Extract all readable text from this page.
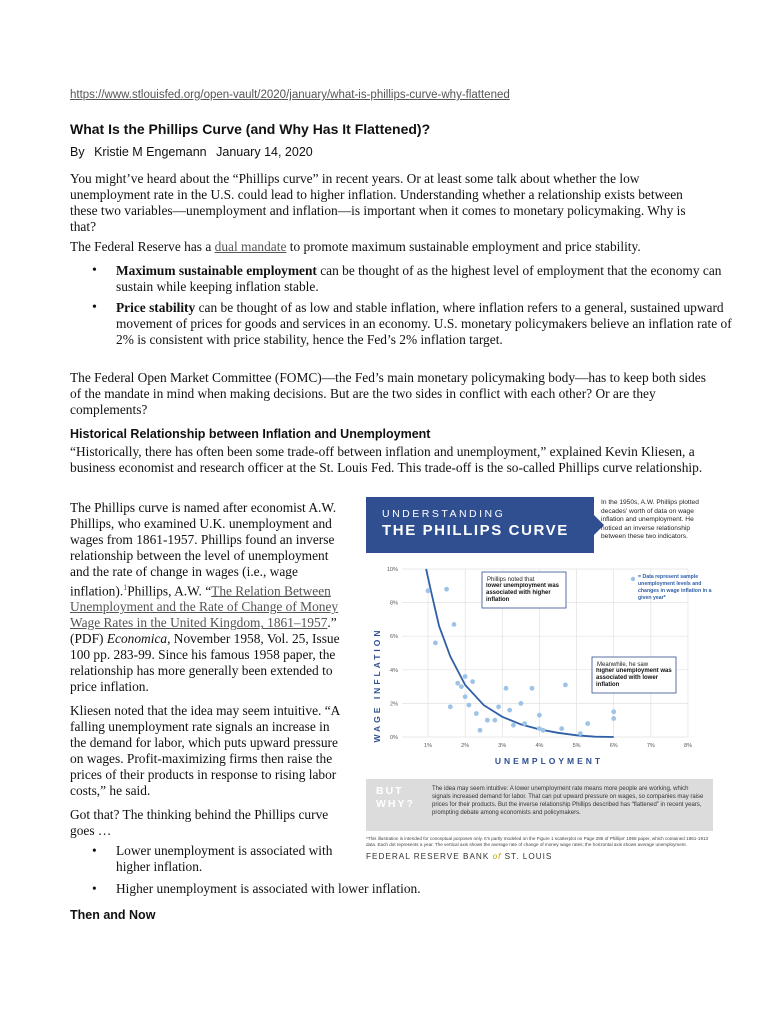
https://www.stlouisfed.org/open-vault/2020/january/what-is-phillips-curve-why-flattened
What Is the Phillips Curve (and Why Has It Flattened)?
By Kristie M Engemann January 14, 2020

You might’ve heard about the “Phillips curve” in recent years. Or at least some talk about whether the low unemployment rate in the U.S. could lead to higher inflation. Understanding whether a relationship exists between these two variables—unemployment and inflation—is important when it comes to monetary policymaking. Why is that?

The Federal Reserve has a dual mandate to promote maximum sustainable employment and price stability.

• Maximum sustainable employment can be thought of as the highest level of employment that the economy can sustain while keeping inflation stable.
• Price stability can be thought of as low and stable inflation, where inflation refers to a general, sustained upward movement of prices for goods and services in an economy. U.S. monetary policymakers believe an inflation rate of 2% is consistent with price stability, hence the Fed’s 2% inflation target.

The Federal Open Market Committee (FOMC)—the Fed’s main monetary policymaking body—has to keep both sides of the mandate in mind when making decisions. But are the two sides in conflict with each other? Or are they complements?

Historical Relationship between Inflation and Unemployment

“Historically, there has often been some trade-off between inflation and unemployment,” explained Kevin Kliesen, a business economist and research officer at the St. Louis Fed. This trade-off is the so-called Phillips curve relationship.

The Phillips curve is named after economist A.W. Phillips, who examined U.K. unemployment and wages from 1861-1957. Phillips found an inverse relationship between the level of unemployment and the rate of change in wages (i.e., wage inflation).$^1$Phillips, A.W. “The Relation Between Unemployment and the Rate of Change of Money Wage Rates in the United Kingdom, 1861–1957.” (PDF) Economica, November 1958, Vol. 25, Issue 100 pp. 283-99. Since his famous 1958 paper, the relationship has more generally been extended to price inflation.

Kliesen noted that the idea may seem intuitive. “A falling unemployment rate signals an increase in the demand for labor, which puts upward pressure on wages. Profit-maximizing firms then raise the prices of their products in response to rising labor costs,” he said.

Got that? The thinking behind the Phillips curve goes …

• Lower unemployment is associated with higher inflation.
• Higher unemployment is associated with lower inflation.
Then and Now
UNDERSTANDING
THE PHILLIPS CURVE
In the 1950s, A.W. Phillips plotted decades’ worth of data on wage inflation and unemployment. He noticed an inverse relationship between these two indicators.
0%
2%
4%
6%
8%
10%
1%	2%	3%	4%	5%	6%	7%	8%
WAGE INFLATION
UNEMPLOYMENT
Phillips noted that
lower unemployment was associated with higher inflation
Meanwhile, he saw
higher unemployment was associated with lower inflation
= Data represent sample unemployment levels and changes in wage inflation in a given year*
BUT WHY?
The idea may seem intuitive: A lower unemployment rate means more people are working, which signals increased demand for labor. That can put upward pressure on wages, so companies may raise prices for their products. But the inverse relationship Phillips described has “flattened” in recent years, prompting debate among economists and policymakers.
*This illustration is intended for conceptual purposes only. It’s partly modeled on the Figure 1 scatterplot on Page 285 of Phillips’ 1958 paper, which contained 1861-1913 data. Each dot represents a year. The vertical axis shows the average rate of change of money wage rates; the horizontal axis shows average unemployment.
FEDERAL RESERVE BANK of ST. LOUIS
